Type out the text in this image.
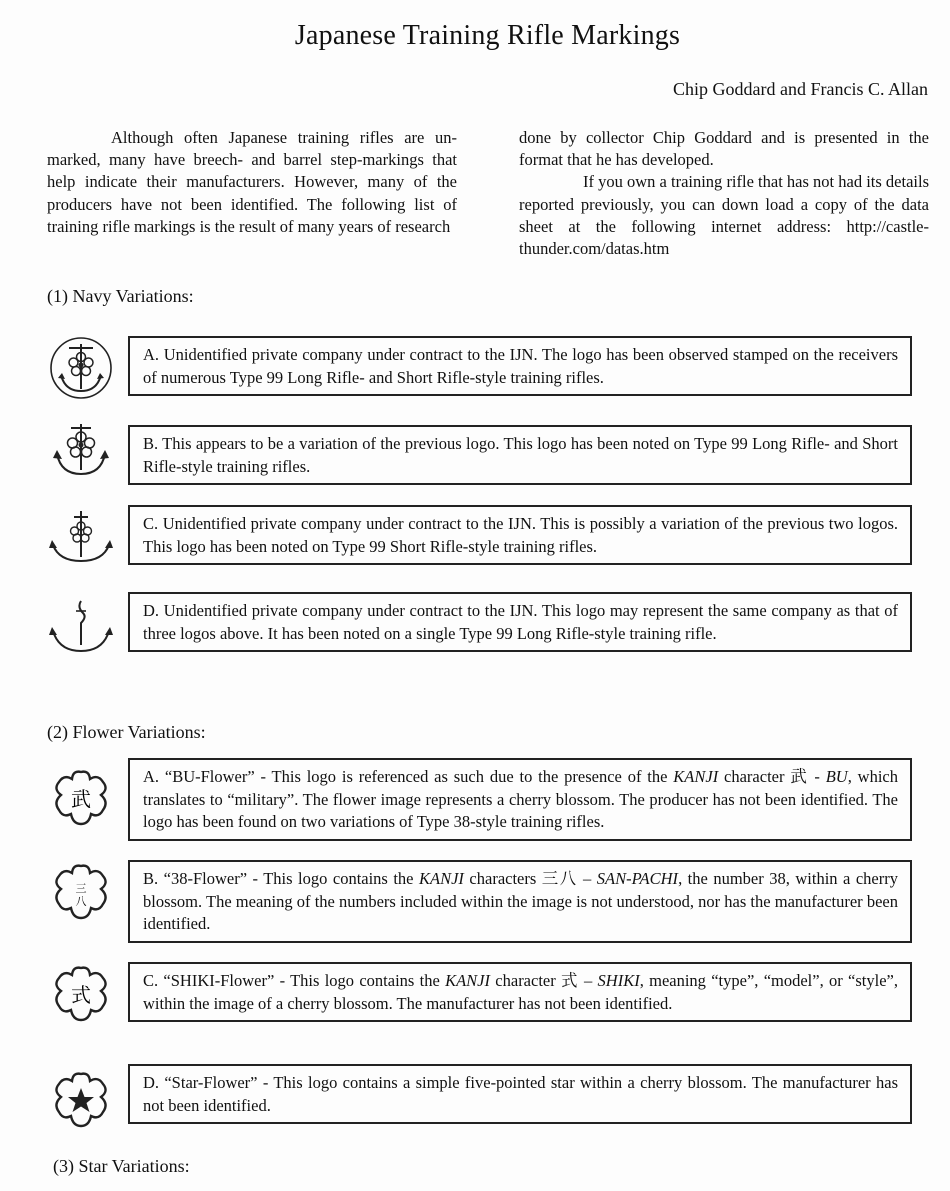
Japanese Training Rifle Markings
Chip Goddard and Francis C. Allan

Although often Japanese training rifles are un-marked, many have breech- and barrel step-markings that help indicate their manufacturers. However, many of the producers have not been identified. The following list of training rifle markings is the result of many years of research

done by collector Chip Goddard and is presented in the format that he has developed.

If you own a training rifle that has not had its details reported previously, you can down load a copy of the data sheet at the following internet address: http://castle-thunder.com/datas.htm

(1) Navy Variations:

A. Unidentified private company under contract to the IJN. The logo has been observed stamped on the receivers of numerous Type 99 Long Rifle- and Short Rifle-style training rifles.

B. This appears to be a variation of the previous logo. This logo has been noted on Type 99 Long Rifle- and Short Rifle-style training rifles.

C. Unidentified private company under contract to the IJN. This is possibly a variation of the previous two logos. This logo has been noted on Type 99 Short Rifle-style training rifles.

D. Unidentified private company under contract to the IJN. This logo may represent the same company as that of three logos above. It has been noted on a single Type 99 Long Rifle-style training rifle.

(2) Flower Variations:
武

A. “BU-Flower” - This logo is referenced as such due to the presence of the KANJI character 武 - BU, which translates to “military”. The flower image represents a cherry blossom. The producer has not been identified. The logo has been found on two variations of Type 38-style training rifles.

三
八

B. “38-Flower” - This logo contains the KANJI characters 三八 – SAN-PACHI, the number 38, within a cherry blossom. The meaning of the numbers included within the image is not understood, nor has the manufacturer been identified.

式

C. “SHIKI-Flower” - This logo contains the KANJI character 式 – SHIKI, meaning “type”, “model”, or “style”, within the image of a cherry blossom. The manufacturer has not been identified.

D. “Star-Flower” - This logo contains a simple five-pointed star within a cherry blossom. The manufacturer has not been identified.

(3) Star Variations:
